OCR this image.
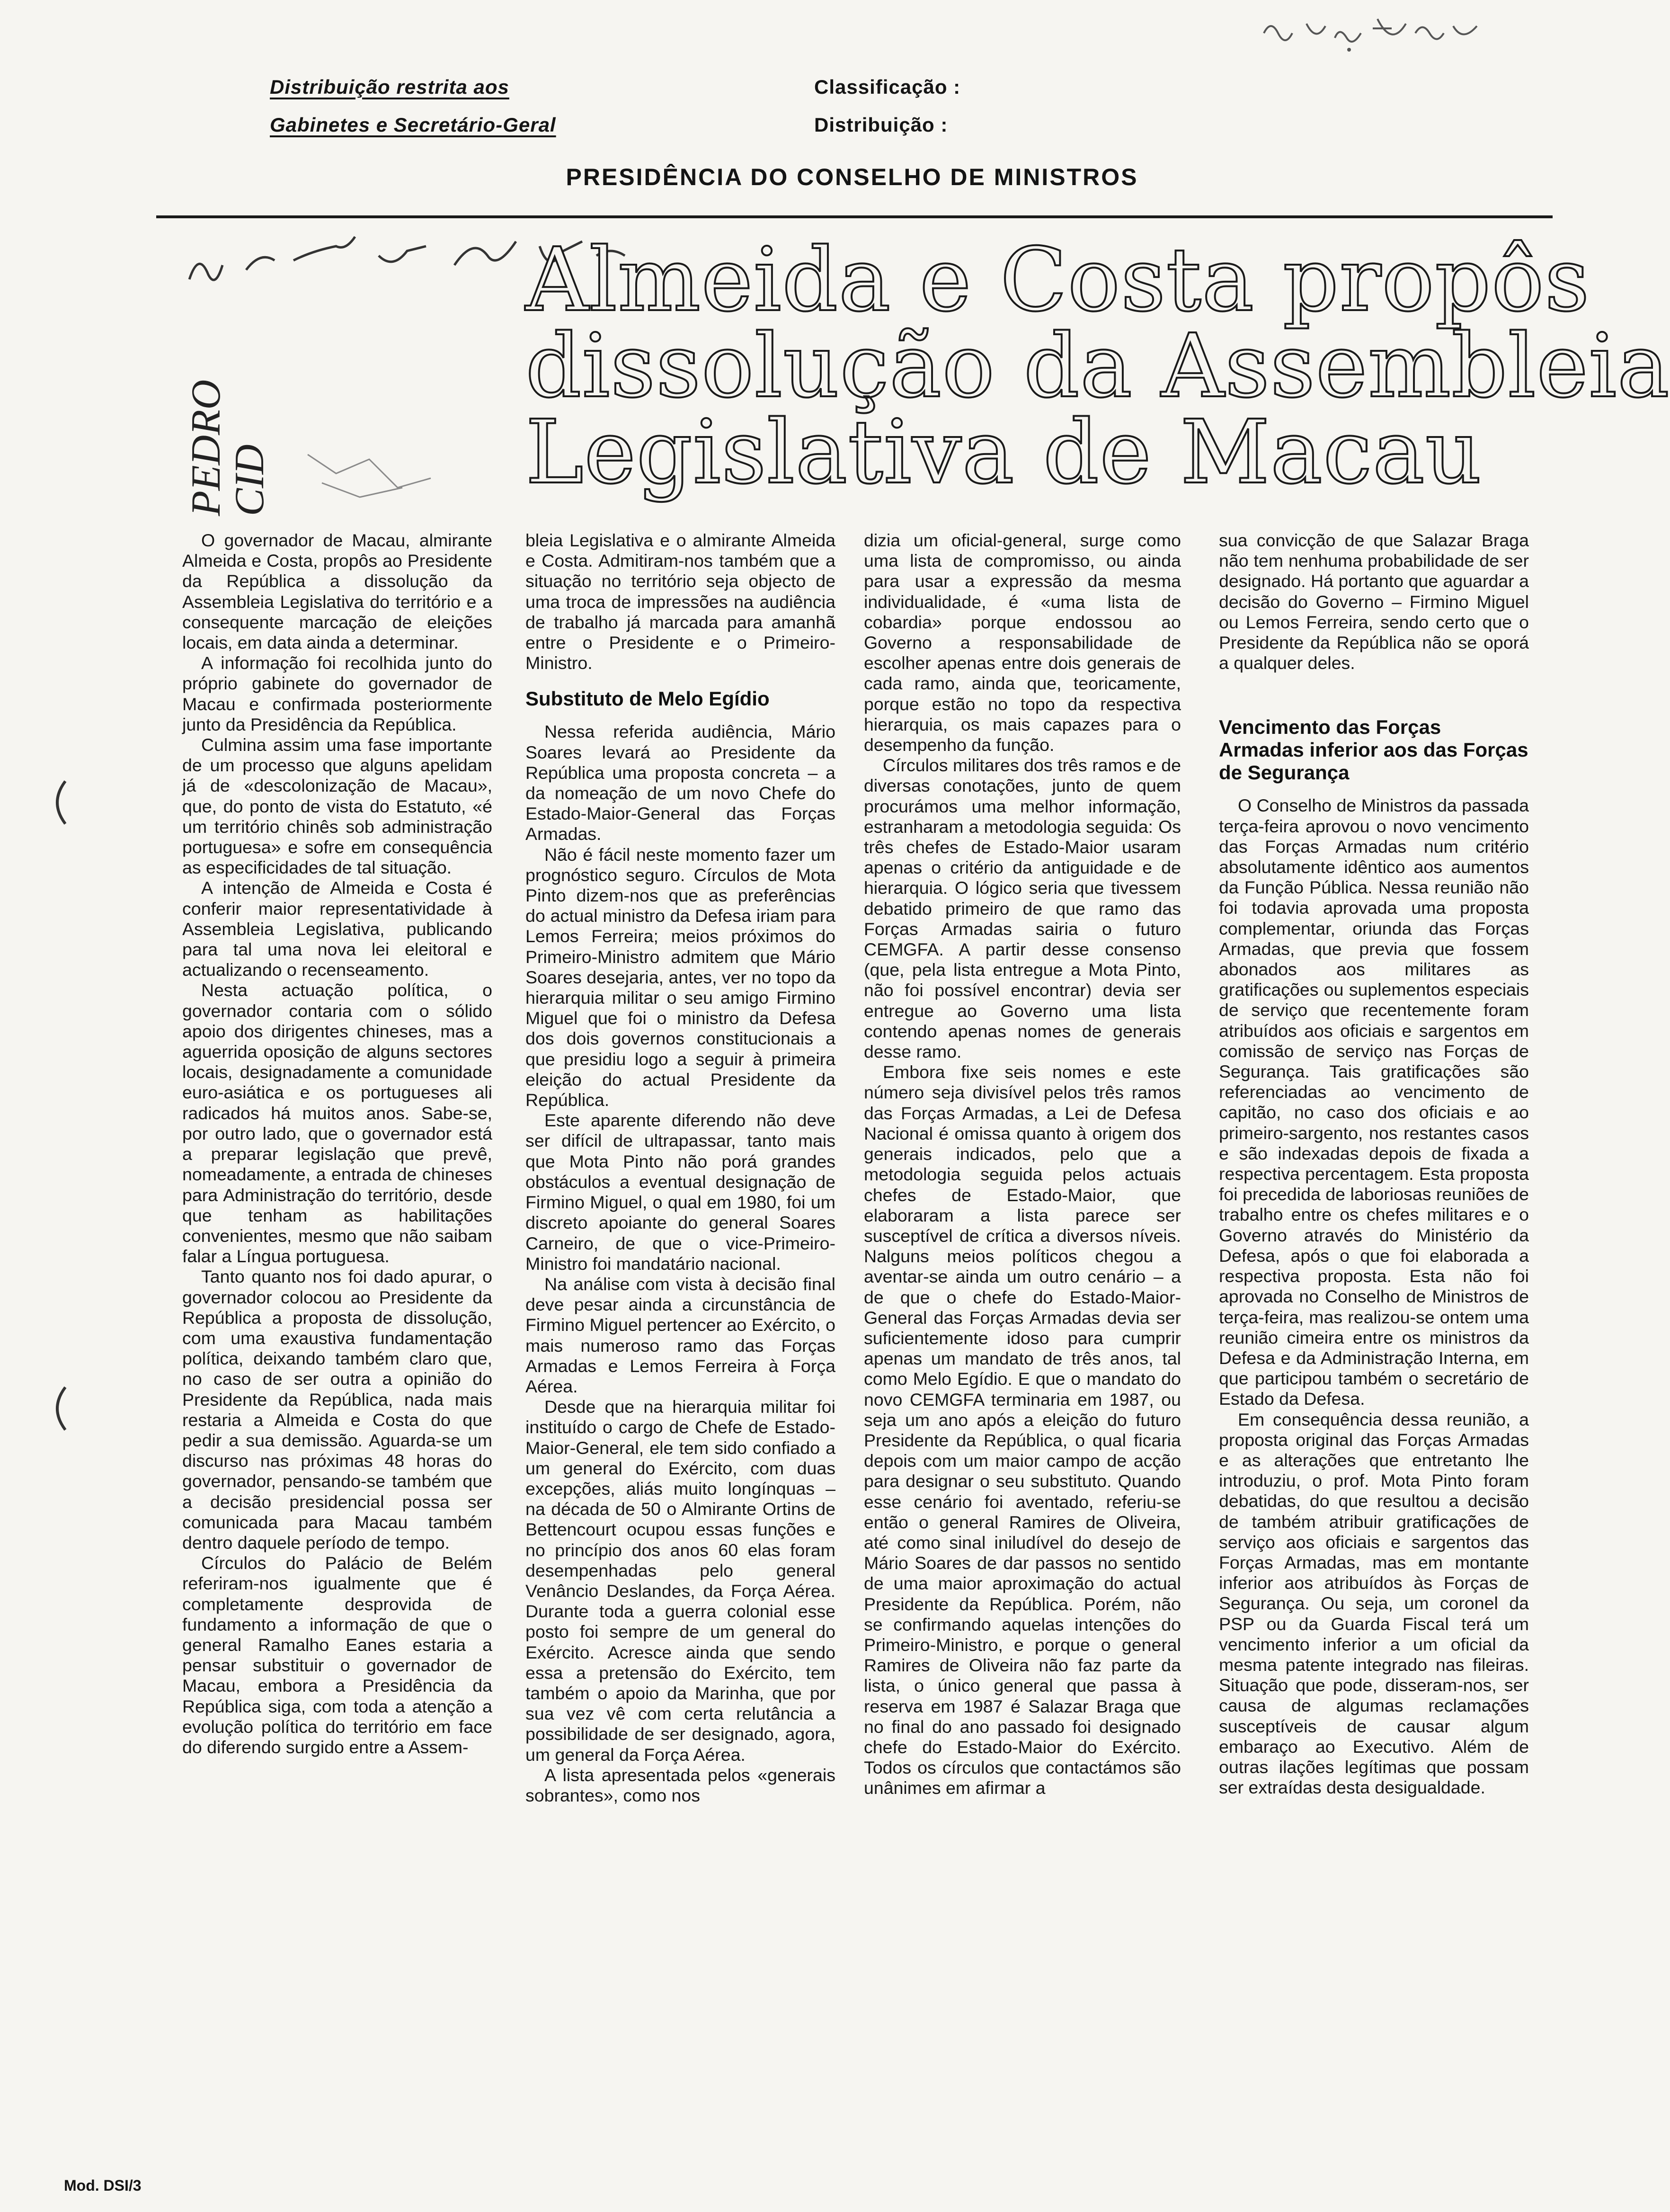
Distribuição restrita aos
Gabinetes e Secretário-Geral
Classificação :
Distribuição :
PRESIDÊNCIA DO CONSELHO DE MINISTROS
PEDRO CID
Almeida e Costa propôs
dissolução da Assembleia
Legislativa de Macau

O governador de Macau, almirante Almeida e Costa, propôs ao Presidente da República a dissolução da Assembleia Legislativa do território e a consequente marcação de eleições locais, em data ainda a determinar.

A informação foi recolhida junto do próprio gabinete do governador de Macau e confirmada posteriormente junto da Presidência da República.

Culmina assim uma fase importante de um processo que alguns apelidam já de «descolonização de Macau», que, do ponto de vista do Estatuto, «é um território chinês sob administração portuguesa» e sofre em consequência as especificidades de tal situação.

A intenção de Almeida e Costa é conferir maior representatividade à Assembleia Legislativa, publicando para tal uma nova lei eleitoral e actualizando o recenseamento.

Nesta actuação política, o governador contaria com o sólido apoio dos dirigentes chineses, mas a aguerrida oposição de alguns sectores locais, designadamente a comunidade euro-asiática e os portugueses ali radicados há muitos anos. Sabe-se, por outro lado, que o governador está a preparar legislação que prevê, nomeadamente, a entrada de chineses para Administração do território, desde que tenham as habilitações convenientes, mesmo que não saibam falar a Língua portuguesa.

Tanto quanto nos foi dado apurar, o governador colocou ao Presidente da República a proposta de dissolução, com uma exaustiva fundamentação política, deixando também claro que, no caso de ser outra a opinião do Presidente da República, nada mais restaria a Almeida e Costa do que pedir a sua demissão. Aguarda-se um discurso nas próximas 48 horas do governador, pensando-se também que a decisão presidencial possa ser comunicada para Macau também dentro daquele período de tempo.

Círculos do Palácio de Belém referiram-nos igualmente que é completamente desprovida de fundamento a informação de que o general Ramalho Eanes estaria a pensar substituir o governador de Macau, embora a Presidência da República siga, com toda a atenção a evolução política do território em face do diferendo surgido entre a Assem-

bleia Legislativa e o almirante Almeida e Costa. Admitiram-nos também que a situação no território seja objecto de uma troca de impressões na audiência de trabalho já marcada para amanhã entre o Presidente e o Primeiro-Ministro.

Substituto de Melo Egídio

Nessa referida audiência, Mário Soares levará ao Presidente da República uma proposta concreta – a da nomeação de um novo Chefe do Estado-Maior-General das Forças Armadas.

Não é fácil neste momento fazer um prognóstico seguro. Círculos de Mota Pinto dizem-nos que as preferências do actual ministro da Defesa iriam para Lemos Ferreira; meios próximos do Primeiro-Ministro admitem que Mário Soares desejaria, antes, ver no topo da hierarquia militar o seu amigo Firmino Miguel que foi o ministro da Defesa dos dois governos constitucionais a que presidiu logo a seguir à primeira eleição do actual Presidente da República.

Este aparente diferendo não deve ser difícil de ultrapassar, tanto mais que Mota Pinto não porá grandes obstáculos a eventual designação de Firmino Miguel, o qual em 1980, foi um discreto apoiante do general Soares Carneiro, de que o vice-Primeiro-Ministro foi mandatário nacional.

Na análise com vista à decisão final deve pesar ainda a circunstância de Firmino Miguel pertencer ao Exército, o mais numeroso ramo das Forças Armadas e Lemos Ferreira à Força Aérea.

Desde que na hierarquia militar foi instituído o cargo de Chefe de Estado-Maior-General, ele tem sido confiado a um general do Exército, com duas excepções, aliás muito longínquas – na década de 50 o Almirante Ortins de Bettencourt ocupou essas funções e no princípio dos anos 60 elas foram desempenhadas pelo general Venâncio Deslandes, da Força Aérea. Durante toda a guerra colonial esse posto foi sempre de um general do Exército. Acresce ainda que sendo essa a pretensão do Exército, tem também o apoio da Marinha, que por sua vez vê com certa relutância a possibilidade de ser designado, agora, um general da Força Aérea.

A lista apresentada pelos «generais sobrantes», como nos

dizia um oficial-general, surge como uma lista de compromisso, ou ainda para usar a expressão da mesma individualidade, é «uma lista de cobardia» porque endossou ao Governo a responsabilidade de escolher apenas entre dois generais de cada ramo, ainda que, teoricamente, porque estão no topo da respectiva hierarquia, os mais capazes para o desempenho da função.

Círculos militares dos três ramos e de diversas conotações, junto de quem procurámos uma melhor informação, estranharam a metodologia seguida: Os três chefes de Estado-Maior usaram apenas o critério da antiguidade e de hierarquia. O lógico seria que tivessem debatido primeiro de que ramo das Forças Armadas sairia o futuro CEMGFA. A partir desse consenso (que, pela lista entregue a Mota Pinto, não foi possível encontrar) devia ser entregue ao Governo uma lista contendo apenas nomes de generais desse ramo.

Embora fixe seis nomes e este número seja divisível pelos três ramos das Forças Armadas, a Lei de Defesa Nacional é omissa quanto à origem dos generais indicados, pelo que a metodologia seguida pelos actuais chefes de Estado-Maior, que elaboraram a lista parece ser susceptível de crítica a diversos níveis. Nalguns meios políticos chegou a aventar-se ainda um outro cenário – a de que o chefe do Estado-Maior-General das Forças Armadas devia ser suficientemente idoso para cumprir apenas um mandato de três anos, tal como Melo Egídio. E que o mandato do novo CEMGFA terminaria em 1987, ou seja um ano após a eleição do futuro Presidente da República, o qual ficaria depois com um maior campo de acção para designar o seu substituto. Quando esse cenário foi aventado, referiu-se então o general Ramires de Oliveira, até como sinal iniludível do desejo de Mário Soares de dar passos no sentido de uma maior aproximação do actual Presidente da República. Porém, não se confirmando aquelas intenções do Primeiro-Ministro, e porque o general Ramires de Oliveira não faz parte da lista, o único general que passa à reserva em 1987 é Salazar Braga que no final do ano passado foi designado chefe do Estado-Maior do Exército. Todos os círculos que contactámos são unânimes em afirmar a

sua convicção de que Salazar Braga não tem nenhuma probabilidade de ser designado. Há portanto que aguardar a decisão do Governo – Firmino Miguel ou Lemos Ferreira, sendo certo que o Presidente da República não se oporá a qualquer deles.

Vencimento das Forças Armadas inferior aos das Forças de Segurança

O Conselho de Ministros da passada terça-feira aprovou o novo vencimento das Forças Armadas num critério absolutamente idêntico aos aumentos da Função Pública. Nessa reunião não foi todavia aprovada uma proposta complementar, oriunda das Forças Armadas, que previa que fossem abonados aos militares as gratificações ou suplementos especiais de serviço que recentemente foram atribuídos aos oficiais e sargentos em comissão de serviço nas Forças de Segurança. Tais gratificações são referenciadas ao vencimento de capitão, no caso dos oficiais e ao primeiro-sargento, nos restantes casos e são indexadas depois de fixada a respectiva percentagem. Esta proposta foi precedida de laboriosas reuniões de trabalho entre os chefes militares e o Governo através do Ministério da Defesa, após o que foi elaborada a respectiva proposta. Esta não foi aprovada no Conselho de Ministros de terça-feira, mas realizou-se ontem uma reunião cimeira entre os ministros da Defesa e da Administração Interna, em que participou também o secretário de Estado da Defesa.

Em consequência dessa reunião, a proposta original das Forças Armadas e as alterações que entretanto lhe introduziu, o prof. Mota Pinto foram debatidas, do que resultou a decisão de também atribuir gratificações de serviço aos oficiais e sargentos das Forças Armadas, mas em montante inferior aos atribuídos às Forças de Segurança. Ou seja, um coronel da PSP ou da Guarda Fiscal terá um vencimento inferior a um oficial da mesma patente integrado nas fileiras. Situação que pode, disseram-nos, ser causa de algumas reclamações susceptíveis de causar algum embaraço ao Executivo. Além de outras ilações legítimas que possam ser extraídas desta desigualdade.

Mod. DSI/3
